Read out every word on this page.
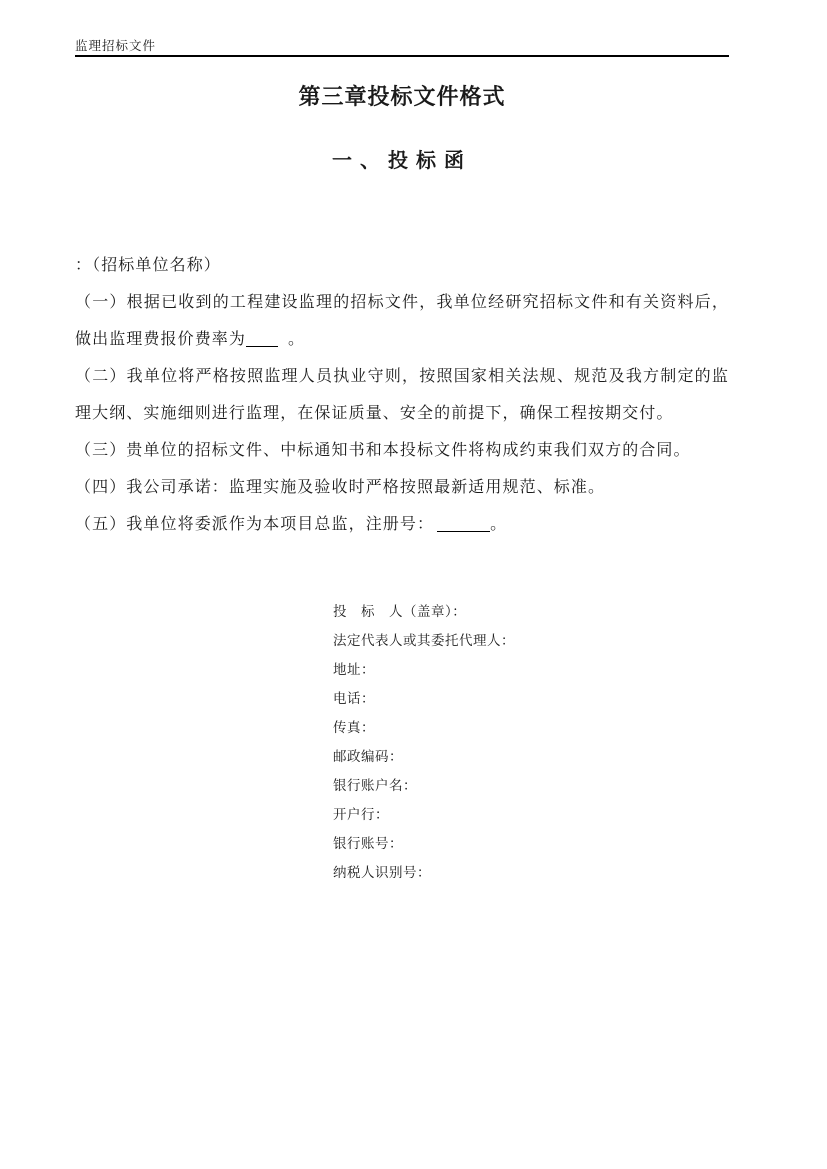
监理招标文件
第三章投标文件格式
一、投标函

：（招标单位名称）

（一）根据已收到的工程建设监理的招标文件，我单位经研究招标文件和有关资料后，做出监理费报价费率为	。

（二）我单位将严格按照监理人员执业守则，按照国家相关法规、规范及我方制定的监理大纲、实施细则进行监理，在保证质量、安全的前提下，确保工程按期交付。

（三）贵单位的招标文件、中标通知书和本投标文件将构成约束我们双方的合同。

（四）我公司承诺：监理实施及验收时严格按照最新适用规范、标准。

（五）我单位将委派作为本项目总监，注册号：	。

投　标　人（盖章）：
法定代表人或其委托代理人：
地址：
电话：
传真：
邮政编码：
银行账户名：
开户行：
银行账号：
纳税人识别号：
